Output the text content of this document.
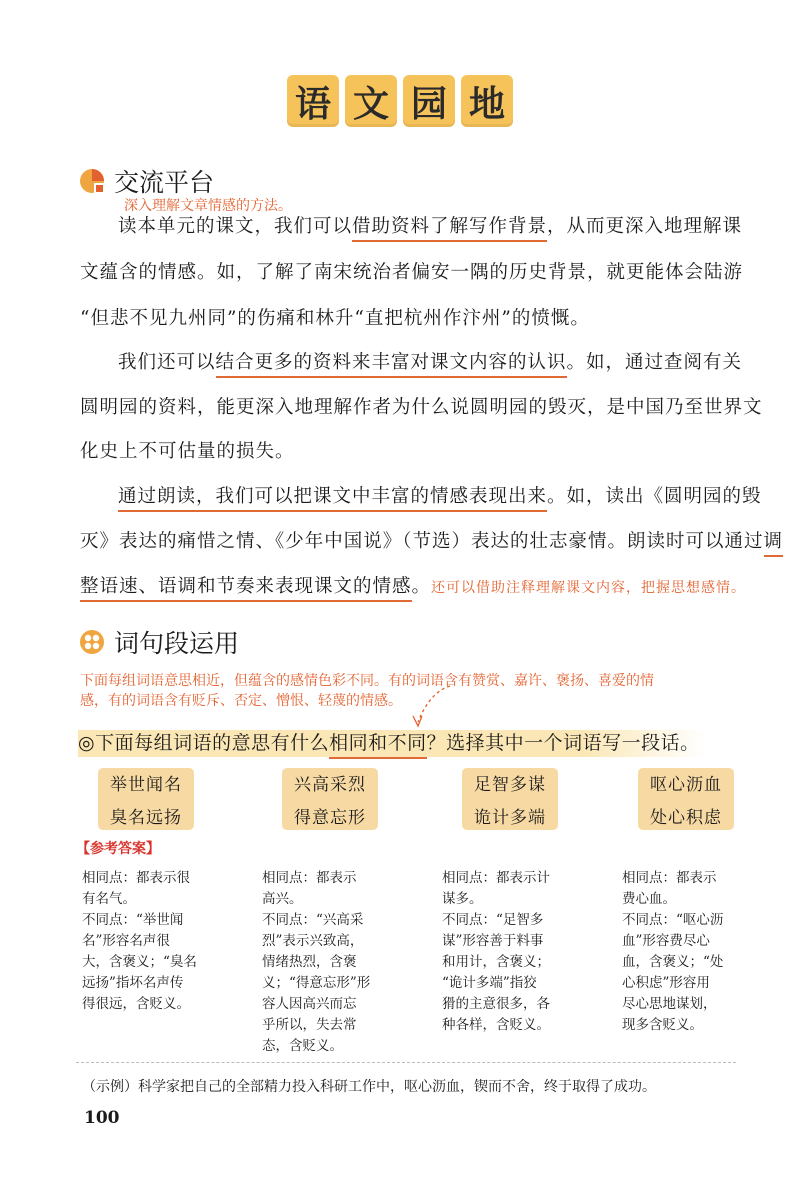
语 文 园 地
交流平台
深入理解文章情感的方法。
读本单元的课文，我们可以借助资料了解写作背景，从而更深入地理解课
文蕴含的情感。如，了解了南宋统治者偏安一隅的历史背景，就更能体会陆游
“但悲不见九州同”的伤痛和林升“直把杭州作汴州”的愤慨。
我们还可以结合更多的资料来丰富对课文内容的认识。如，通过查阅有关
圆明园的资料，能更深入地理解作者为什么说圆明园的毁灭，是中国乃至世界文
化史上不可估量的损失。
通过朗读，我们可以把课文中丰富的情感表现出来。如，读出《圆明园的毁
灭》表达的痛惜之情、《少年中国说》（节选）表达的壮志豪情。朗读时可以通过调
整语速、语调和节奏来表现课文的情感。还可以借助注释理解课文内容，把握思想感情。
词句段运用
下面每组词语意思相近，但蕴含的感情色彩不同。有的词语含有赞赏、嘉许、褒扬、喜爱的情
感，有的词语含有贬斥、否定、憎恨、轻蔑的情感。
◎下面每组词语的意思有什么相同和不同？选择其中一个词语写一段话。
举世闻名
臭名远扬
兴高采烈
得意忘形
足智多谋
诡计多端
呕心沥血
处心积虑
【参考答案】
相同点：都表示很
有名气。
不同点：“举世闻
名”形容名声很
大，含褒义；“臭名
远扬”指坏名声传
得很远，含贬义。
相同点：都表示
高兴。
不同点：“兴高采
烈”表示兴致高，
情绪热烈，含褒
义；“得意忘形”形
容人因高兴而忘
乎所以，失去常
态，含贬义。
相同点：都表示计
谋多。
不同点：“足智多
谋”形容善于料事
和用计，含褒义；
“诡计多端”指狡
猾的主意很多，各
种各样，含贬义。
相同点：都表示
费心血。
不同点：“呕心沥
血”形容费尽心
血，含褒义；“处
心积虑”形容用
尽心思地谋划，
现多含贬义。
（示例）科学家把自己的全部精力投入科研工作中，呕心沥血，锲而不舍，终于取得了成功。
100
